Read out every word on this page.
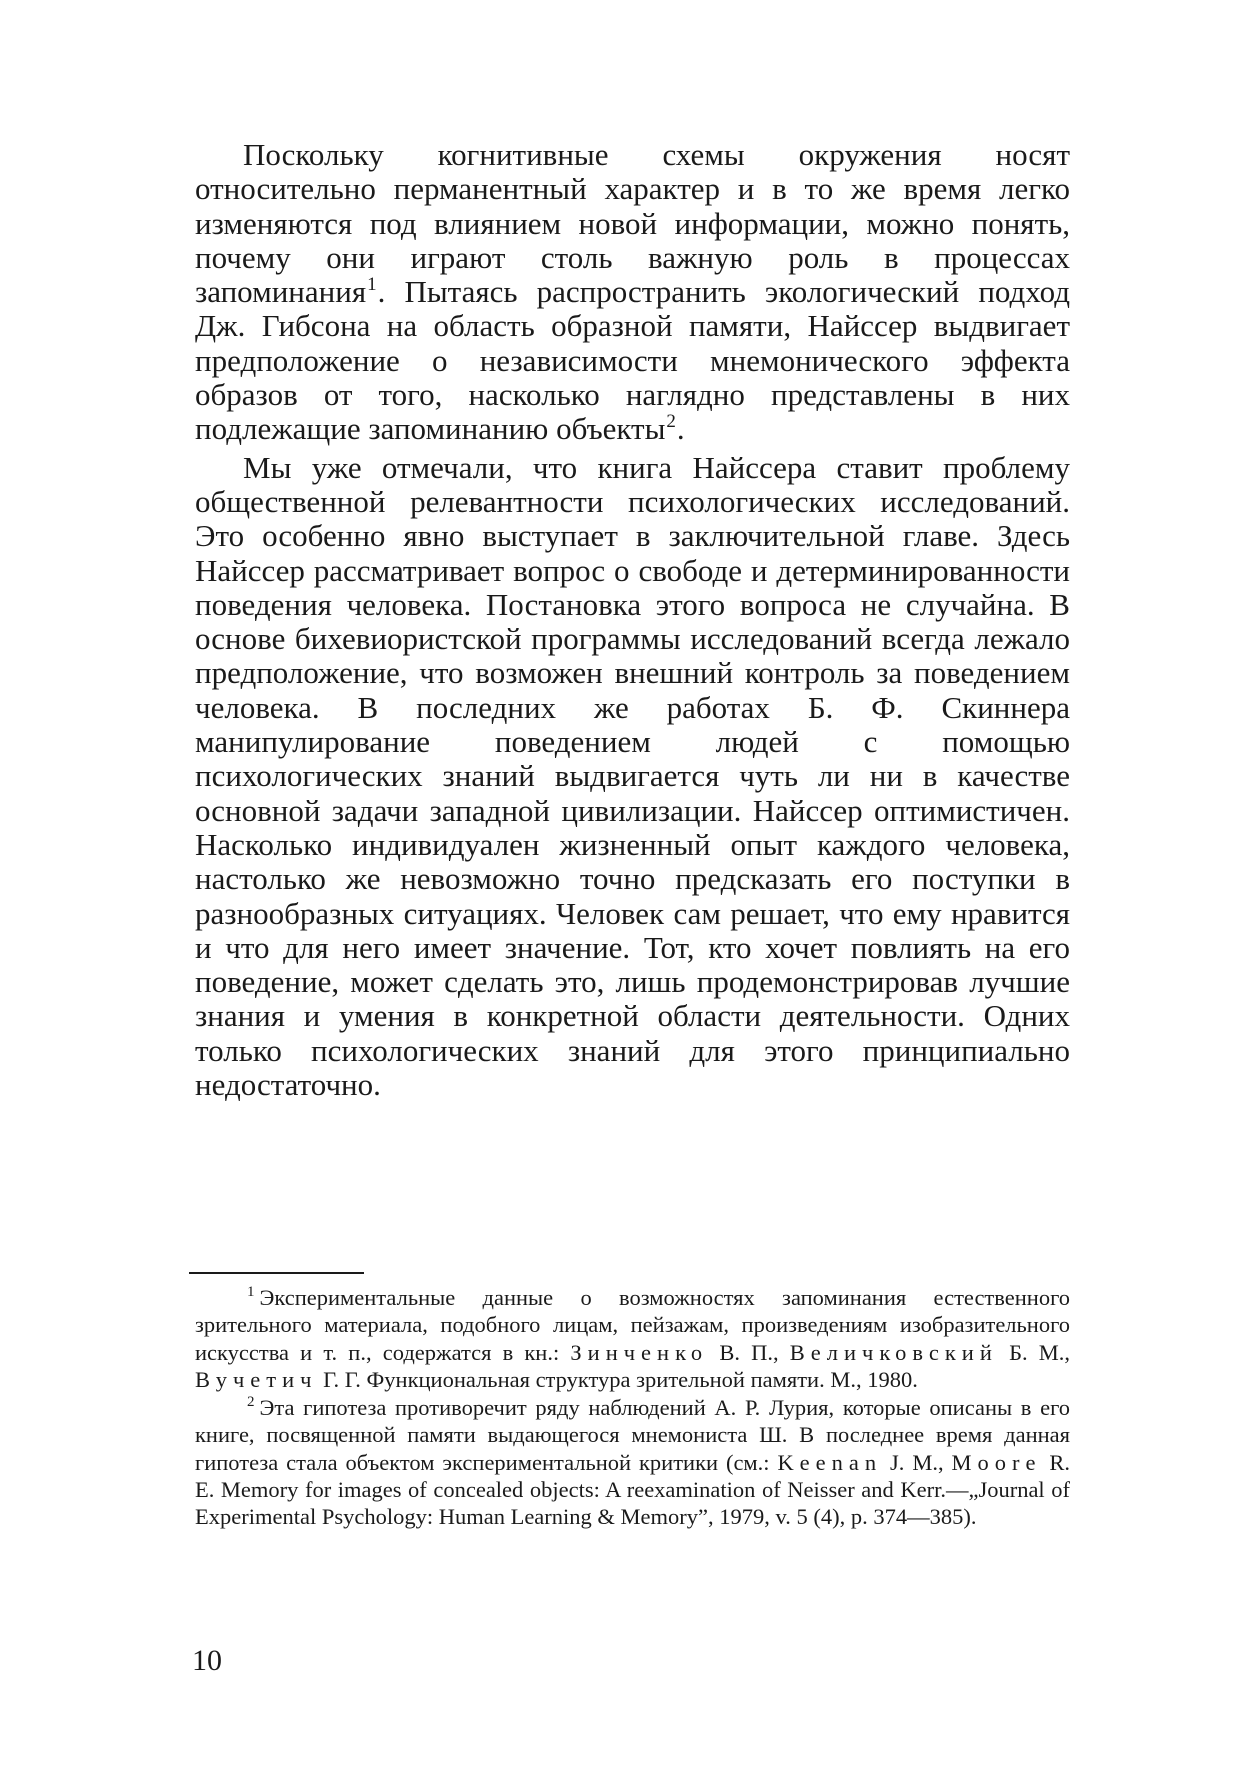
Поскольку когнитивные схемы окружения носят относительно перманентный характер и в то же время легко изменяются под влиянием новой информации, можно понять, почему они играют столь важную роль в процессах запоминания$^1$. Пытаясь распространить экологический подход Дж. Гибсона на область образной памяти, Найссер выдвигает предположение о независимости мнемонического эффекта образов от того, насколько наглядно представлены в них подлежащие запоминанию объекты$^2$.

Мы уже отмечали, что книга Найссера ставит проблему общественной релевантности психологических исследований. Это особенно явно выступает в заключительной главе. Здесь Найссер рассматривает вопрос о свободе и детерминированности поведения человека. Постановка этого вопроса не случайна. В основе бихевиористской программы исследований всегда лежало предположение, что возможен внешний контроль за поведением человека. В последних же работах Б. Ф. Скиннера манипулирование поведением людей с помощью психологических знаний выдвигается чуть ли ни в качестве основной задачи западной цивилизации. Найссер оптимистичен. Насколько индивидуален жизненный опыт каждого человека, настолько же невозможно точно предсказать его поступки в разнообразных ситуациях. Человек сам решает, что ему нравится и что для него имеет значение. Тот, кто хочет повлиять на его поведение, может сделать это, лишь продемонстрировав лучшие знания и умения в конкретной области деятельности. Одних только психологических знаний для этого принципиально недостаточно.

$^1$ Экспериментальные данные о возможностях запоминания естественного зрительного материала, подобного лицам, пейзажам, произведениям изобразительного искусства и т. п., содержатся в кн.: Зинченко В. П., Величковский Б. М., Вучетич Г. Г. Функциональная структура зрительной памяти. М., 1980.

$^2$ Эта гипотеза противоречит ряду наблюдений А. Р. Лурия, которые описаны в его книге, посвященной памяти выдающегося мнемониста Ш. В последнее время данная гипотеза стала объектом экспериментальной критики (см.: Keenan J. M., Moore R. E. Memory for images of concealed objects: A reexamination of Neisser and Kerr.—„Journal of Experimental Psychology: Human Learning & Memory”, 1979, v. 5 (4), p. 374—385).

10
